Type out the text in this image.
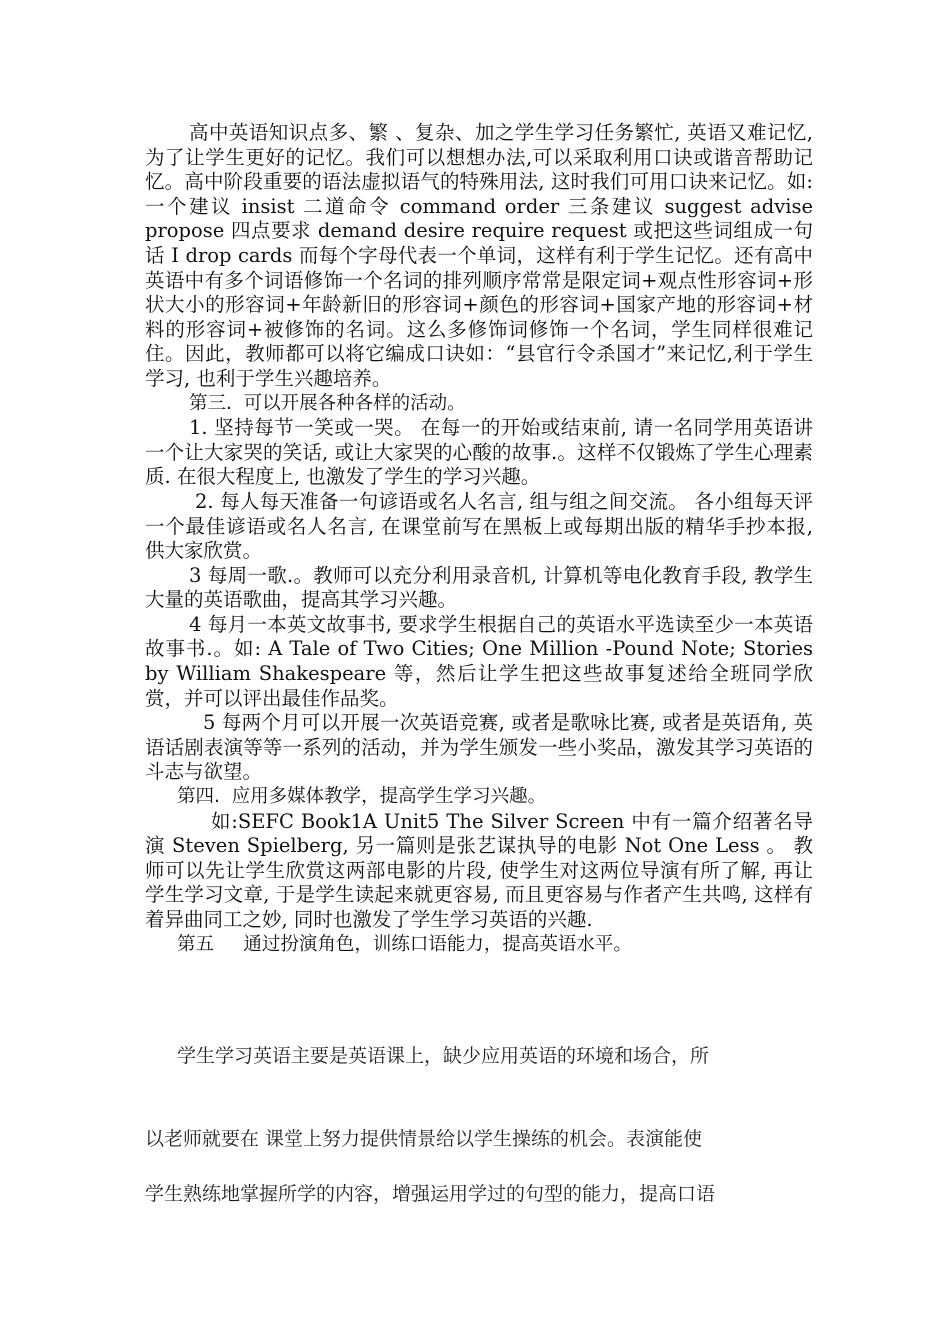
高中英语知识点多、繁 、复杂、加之学生学习任务繁忙, 英语又难记忆, 为了让学生更好的记忆。我们可以想想办法,可以采取利用口诀或谐音帮助记忆。高中阶段重要的语法虚拟语气的特殊用法, 这时我们可用口诀来记忆。如: 一个建议 insist 二道命令 command order 三条建议 suggest advise propose 四点要求 demand desire require request 或把这些词组成一句话 I drop cards 而每个字母代表一个单词，这样有利于学生记忆。还有高中英语中有多个词语修饰一个名词的排列顺序常常是限定词+观点性形容词+形状大小的形容词+年龄新旧的形容词+颜色的形容词+国家产地的形容词+材料的形容词+被修饰的名词。这么多修饰词修饰一个名词，学生同样很难记住。因此，教师都可以将它编成口诀如：“县官行令杀国才”来记忆,利于学生学习, 也利于学生兴趣培养。

第三.  可以开展各种各样的活动。

1. 坚持每节一笑或一哭。 在每一的开始或结束前, 请一名同学用英语讲一个让大家哭的笑话, 或让大家哭的心酸的故事.。这样不仅锻炼了学生心理素质. 在很大程度上, 也激发了学生的学习兴趣。

2. 每人每天准备一句谚语或名人名言, 组与组之间交流。 各小组每天评一个最佳谚语或名人名言, 在课堂前写在黑板上或每期出版的精华手抄本报, 供大家欣赏。

3 每周一歌.。教师可以充分利用录音机, 计算机等电化教育手段, 教学生大量的英语歌曲，提高其学习兴趣。

4 每月一本英文故事书, 要求学生根据自己的英语水平选读至少一本英语故事书.。如: A Tale of Two Cities; One Million -Pound Note; Stories by William Shakespeare 等，然后让学生把这些故事复述给全班同学欣赏，并可以评出最佳作品奖。

5 每两个月可以开展一次英语竞赛, 或者是歌咏比赛, 或者是英语角, 英语话剧表演等等一系列的活动，并为学生颁发一些小奖品，激发其学习英语的斗志与欲望。

第四.  应用多媒体教学，提高学生学习兴趣。

如:SEFC Book1A Unit5 The Silver Screen 中有一篇介绍著名导演 Steven Spielberg, 另一篇则是张艺谋执导的电影 Not One Less 。 教师可以先让学生欣赏这两部电影的片段, 使学生对这两位导演有所了解, 再让学生学习文章, 于是学生读起来就更容易, 而且更容易与作者产生共鸣, 这样有着异曲同工之妙, 同时也激发了学生学习英语的兴趣.

第五     通过扮演角色，训练口语能力，提高英语水平。

学生学习英语主要是英语课上，缺少应用英语的环境和场合，所

以老师就要在 课堂上努力提供情景给以学生操练的机会。表演能使

学生熟练地掌握所学的内容，增强运用学过的句型的能力，提高口语
